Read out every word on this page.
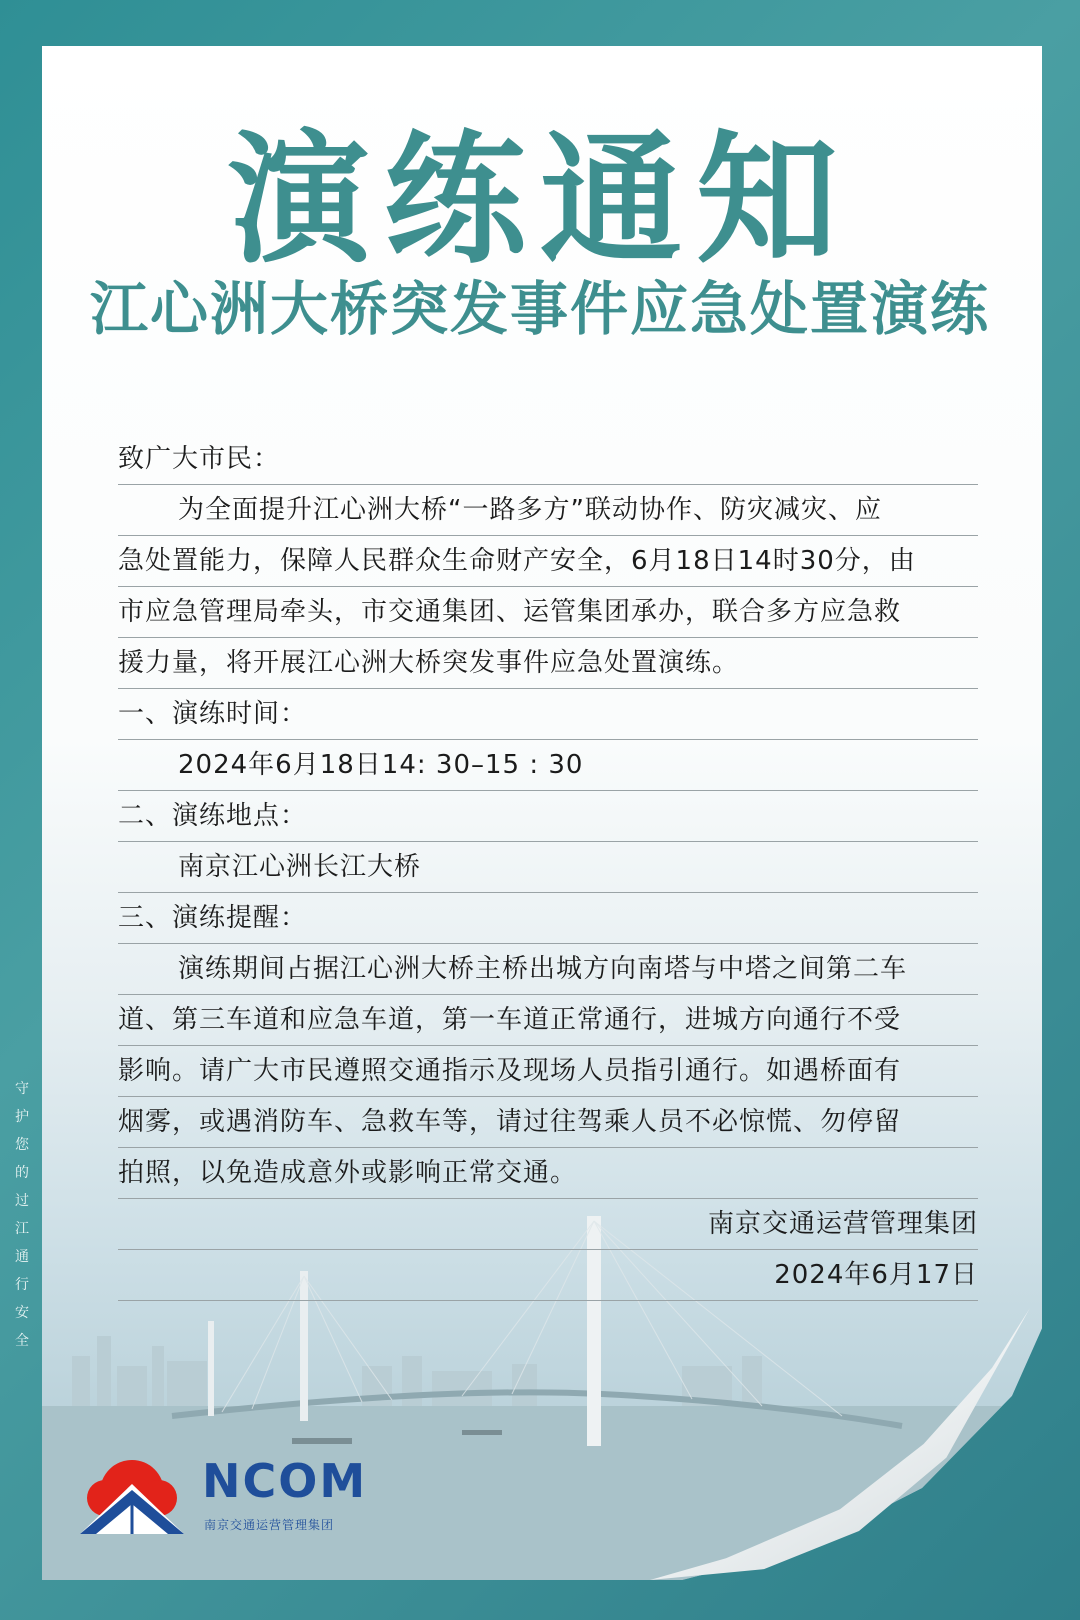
守护您的过江通行安全
演练通知
江心洲大桥突发事件应急处置演练
致广大市民：
为全面提升江心洲大桥“一路多方”联动协作、防灾减灾、应
急处置能力，保障人民群众生命财产安全，6月18日14时30分，由
市应急管理局牵头，市交通集团、运管集团承办，联合多方应急救
援力量，将开展江心洲大桥突发事件应急处置演练。
一、演练时间：
2024年6月18日14: 30–15 : 30
二、演练地点：
南京江心洲长江大桥
三、演练提醒：
演练期间占据江心洲大桥主桥出城方向南塔与中塔之间第二车
道、第三车道和应急车道，第一车道正常通行，进城方向通行不受
影响。请广大市民遵照交通指示及现场人员指引通行。如遇桥面有
烟雾，或遇消防车、急救车等，请过往驾乘人员不必惊慌、勿停留
拍照，以免造成意外或影响正常交通。
南京交通运营管理集团
2024年6月17日
NCOM
南京交通运营管理集团
